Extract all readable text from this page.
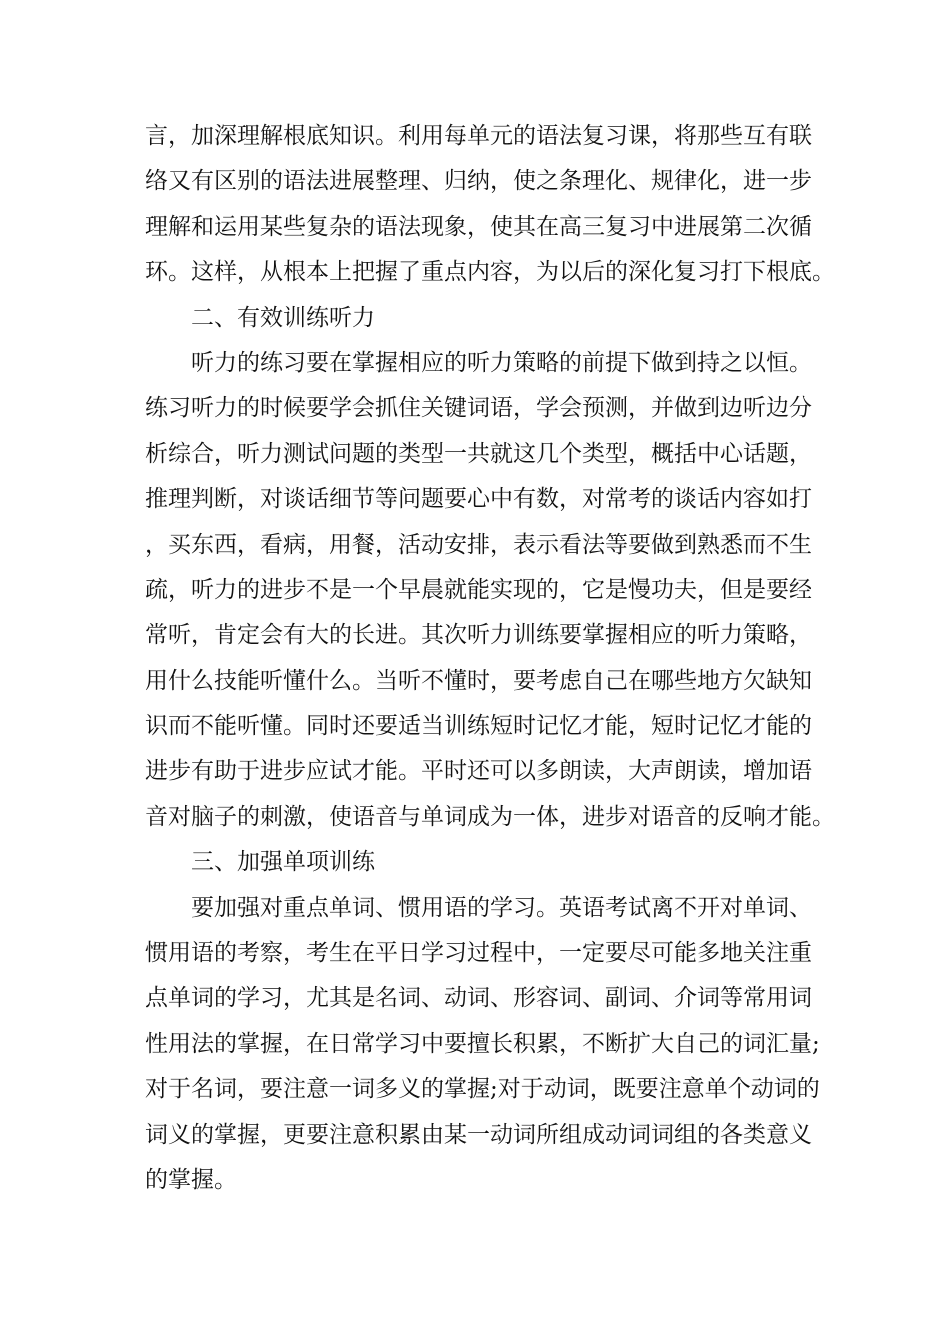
言，加深理解根底知识。利用每单元的语法复习课，将那些互有联
络又有区别的语法进展整理、归纳，使之条理化、规律化，进一步
理解和运用某些复杂的语法现象，使其在高三复习中进展第二次循
环。这样，从根本上把握了重点内容，为以后的深化复习打下根底。
二、有效训练听力
听力的练习要在掌握相应的听力策略的前提下做到持之以恒。
练习听力的时候要学会抓住关键词语，学会预测，并做到边听边分
析综合，听力测试问题的类型一共就这几个类型，概括中心话题，
推理判断，对谈话细节等问题要心中有数，对常考的谈话内容如打
，买东西，看病，用餐，活动安排，表示看法等要做到熟悉而不生
疏，听力的进步不是一个早晨就能实现的，它是慢功夫，但是要经
常听，肯定会有大的长进。其次听力训练要掌握相应的听力策略，
用什么技能听懂什么。当听不懂时，要考虑自己在哪些地方欠缺知
识而不能听懂。同时还要适当训练短时记忆才能，短时记忆才能的
进步有助于进步应试才能。平时还可以多朗读，大声朗读，增加语
音对脑子的刺激，使语音与单词成为一体，进步对语音的反响才能。
三、加强单项训练
要加强对重点单词、惯用语的学习。英语考试离不开对单词、
惯用语的考察，考生在平日学习过程中，一定要尽可能多地关注重
点单词的学习，尤其是名词、动词、形容词、副词、介词等常用词
性用法的掌握，在日常学习中要擅长积累，不断扩大自己的词汇量;
对于名词，要注意一词多义的掌握;对于动词，既要注意单个动词的
词义的掌握，更要注意积累由某一动词所组成动词词组的各类意义
的掌握。
